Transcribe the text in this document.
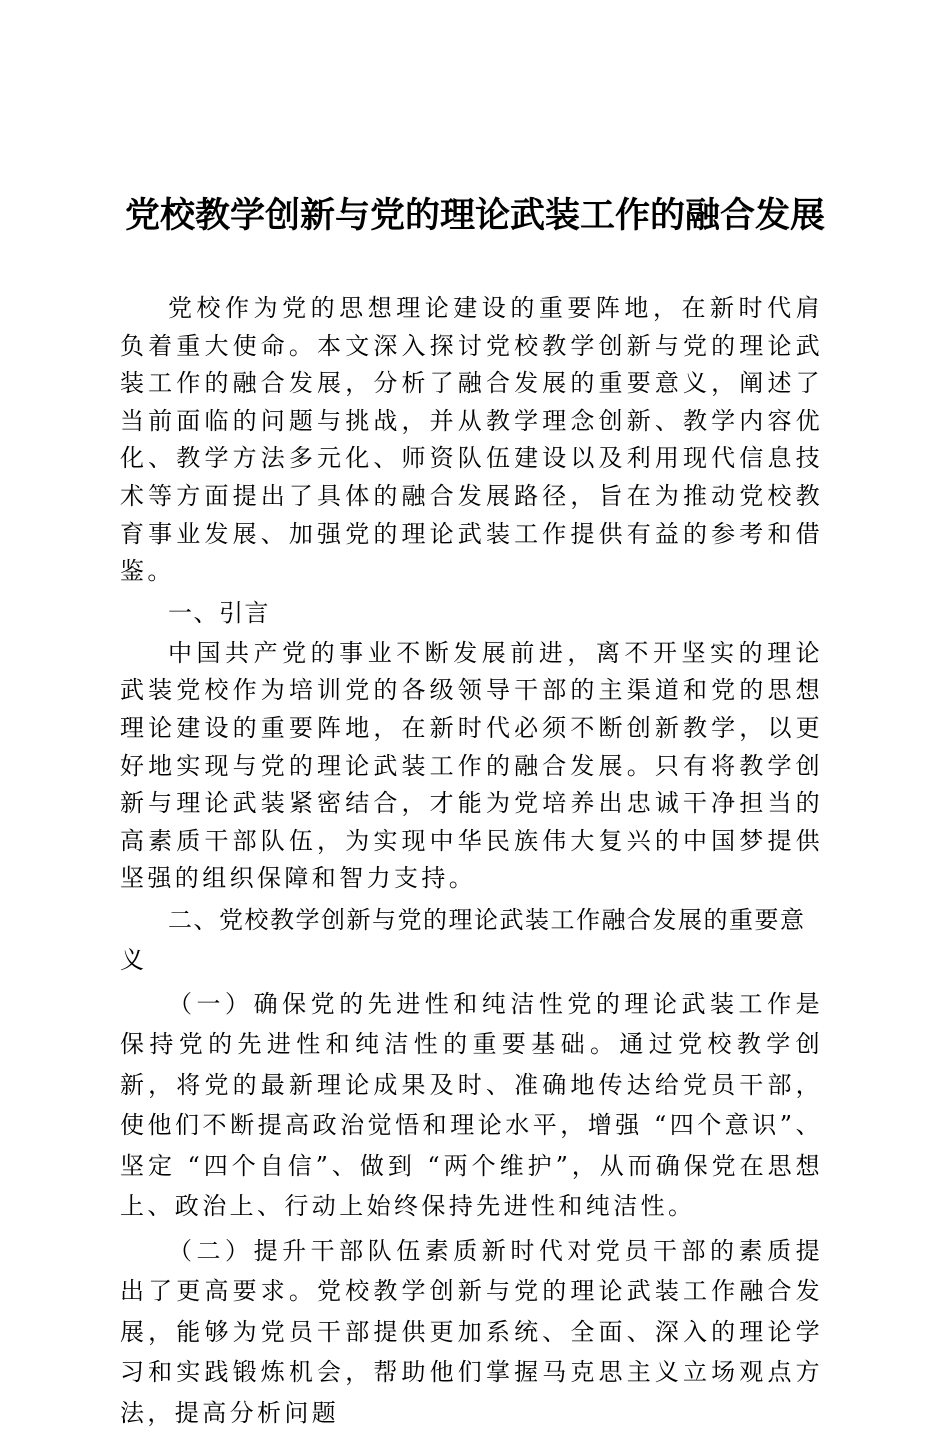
党校教学创新与党的理论武装工作的融合发展

党校作为党的思想理论建设的重要阵地，在新时代肩负着重大使命。本文深入探讨党校教学创新与党的理论武装工作的融合发展，分析了融合发展的重要意义，阐述了当前面临的问题与挑战，并从教学理念创新、教学内容优化、教学方法多元化、师资队伍建设以及利用现代信息技术等方面提出了具体的融合发展路径，旨在为推动党校教育事业发展、加强党的理论武装工作提供有益的参考和借鉴。

一、引言

中国共产党的事业不断发展前进，离不开坚实的理论武装党校作为培训党的各级领导干部的主渠道和党的思想理论建设的重要阵地，在新时代必须不断创新教学，以更好地实现与党的理论武装工作的融合发展。只有将教学创新与理论武装紧密结合，才能为党培养出忠诚干净担当的高素质干部队伍，为实现中华民族伟大复兴的中国梦提供坚强的组织保障和智力支持。

二、党校教学创新与党的理论武装工作融合发展的重要意义

（一）确保党的先进性和纯洁性党的理论武装工作是保持党的先进性和纯洁性的重要基础。通过党校教学创新，将党的最新理论成果及时、准确地传达给党员干部，使他们不断提高政治觉悟和理论水平，增强 “四个意识”、坚定 “四个自信”、做到 “两个维护”，从而确保党在思想上、政治上、行动上始终保持先进性和纯洁性。

（二）提升干部队伍素质新时代对党员干部的素质提出了更高要求。党校教学创新与党的理论武装工作融合发展，能够为党员干部提供更加系统、全面、深入的理论学习和实践锻炼机会，帮助他们掌握马克思主义立场观点方法，提高分析问题
